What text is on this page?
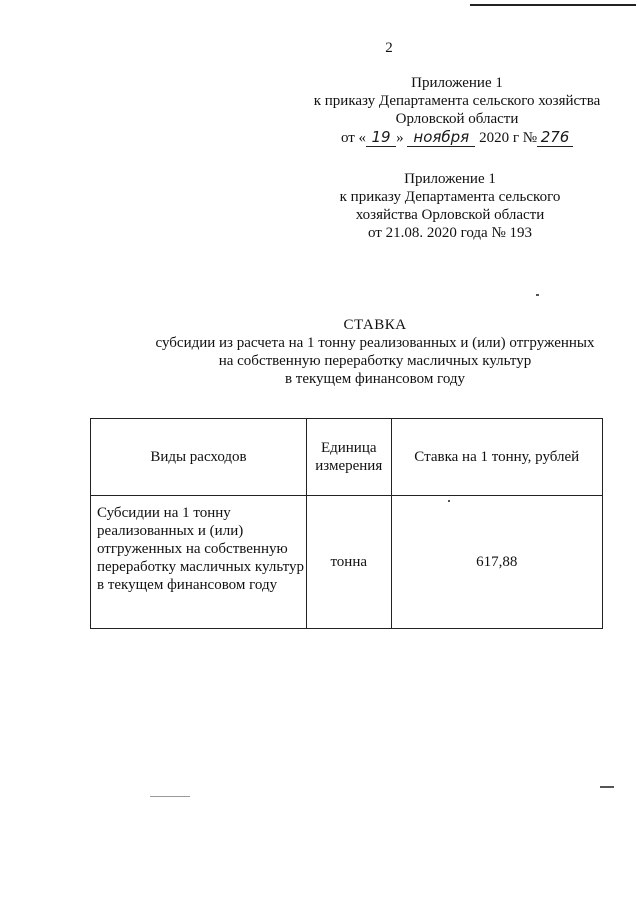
2
Приложение 1
к приказу Департамента сельского хозяйства
Орловской области
от « 19 » ноября 2020 г № 276
Приложение 1
к приказу Департамента сельского
хозяйства Орловской области
от 21.08. 2020 года № 193
СТАВКА
субсидии из расчета на 1 тонну реализованных и (или) отгруженных
на собственную переработку масличных культур
в текущем финансовом году
Виды расходов	Единица измерения	Ставка на 1 тонну, рублей
Субсидии на 1 тонну реализованных и (или) отгруженных на собственную переработку масличных культур в текущем финансовом году	тонна	617,88
